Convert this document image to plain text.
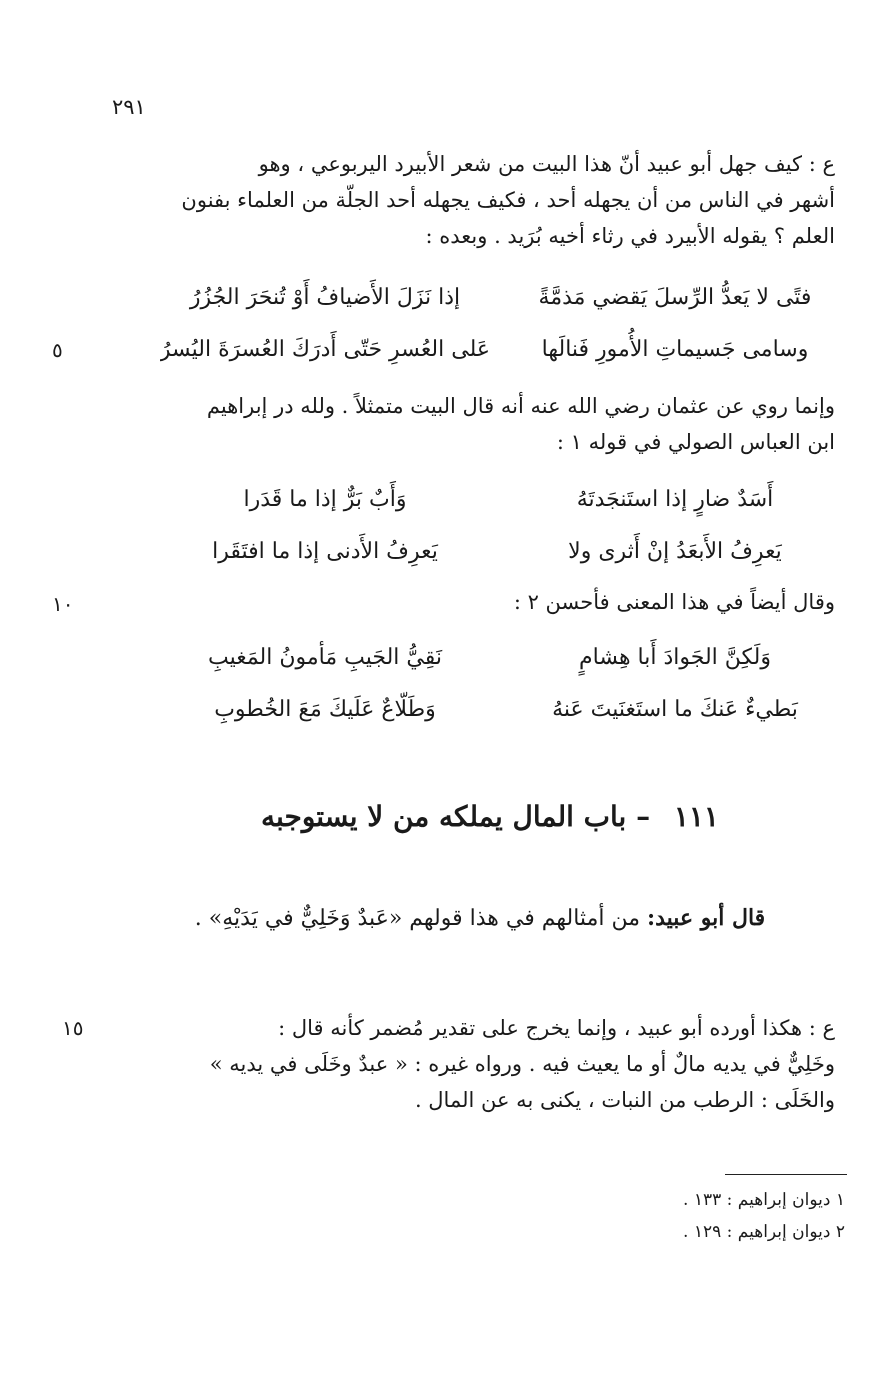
٢٩١
ع : كيف جهل أبو عبيد أنّ هذا البيت من شعر الأبيرد اليربوعي ، وهو
أشهر في الناس من أن يجهله أحد ، فكيف يجهله أحد الجلّة من العلماء بفنون
العلم ؟ يقوله الأبيرد في رثاء أخيه بُرَيد . وبعده :
فتًى لا يَعدُّ الرِّسلَ يَقضي مَذمَّةً
إذا نَزَلَ الأَضيافُ أَوْ تُنحَرَ الجُزُرُ
وسامى جَسيماتِ الأُمورِ فَنالَها
عَلى العُسرِ حَتّى أَدرَكَ العُسرَةَ اليُسرُ
٥
وإنما روي عن عثمان رضي الله عنه أنه قال البيت متمثلاً . ولله در إبراهيم
ابن العباس الصولي في قوله ١ :
أَسَدٌ ضارٍ إذا استَنجَدتَهُ
وَأَبٌ بَرٌّ إذا ما قَدَرا
يَعرِفُ الأَبعَدُ إنْ أَثرى ولا
يَعرِفُ الأَدنى إذا ما افتَقَرا
وقال أيضاً في هذا المعنى فأحسن ٢ :
١٠
وَلَكِنَّ الجَوادَ أَبا هِشامٍ
نَقِيُّ الجَيبِ مَأمونُ المَغيبِ
بَطيءٌ عَنكَ ما استَغنَيتَ عَنهُ
وَطَلّاعٌ عَلَيكَ مَعَ الخُطوبِ
١١١ – باب المال يملكه من لا يستوجبه
قال أبو عبيد: من أمثالهم في هذا قولهم «عَبدٌ وَخَلِيٌّ في يَدَيْهِ» .
ع : هكذا أورده أبو عبيد ، وإنما يخرج على تقدير مُضمر كأنه قال :
وخَلِيٌّ في يديه مالٌ أو ما يعيث فيه . ورواه غيره : « عبدٌ وخَلَى في يديه »
والخَلَى : الرطب من النبات ، يكنى به عن المال .
١٥
١ ديوان إبراهيم : ١٣٣ .
٢ ديوان إبراهيم : ١٢٩ .
